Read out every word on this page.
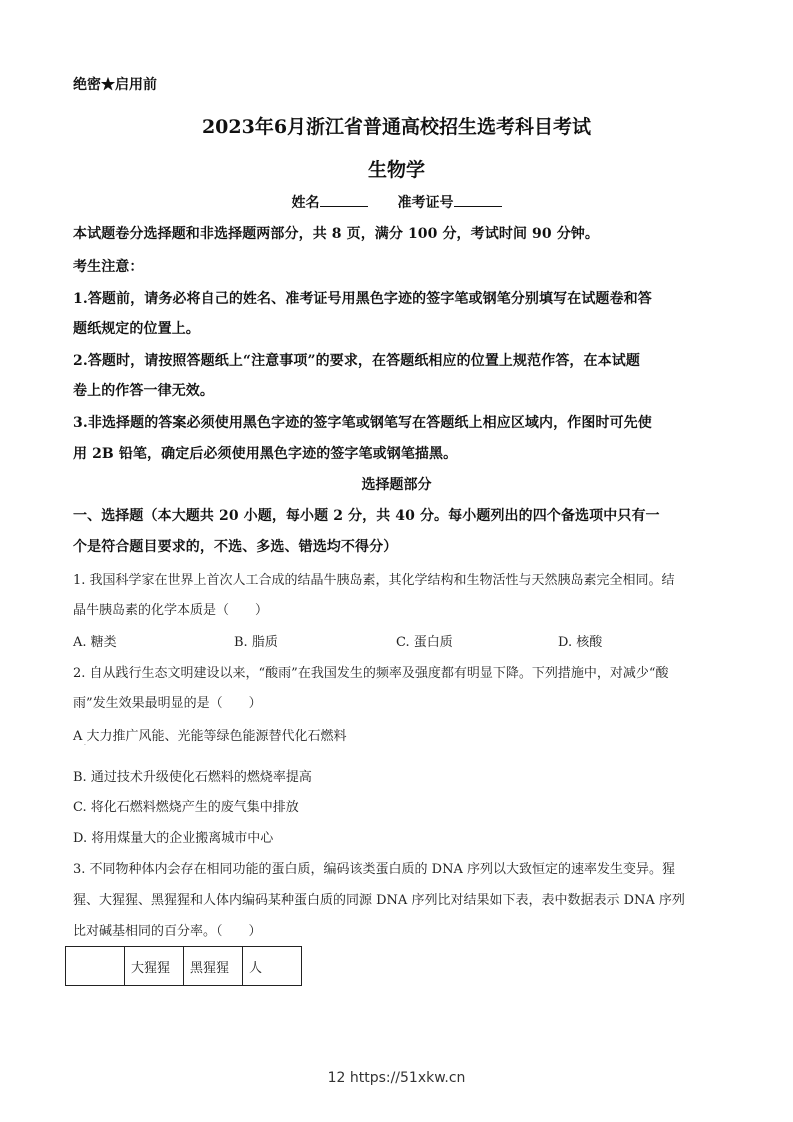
绝密★启用前
2023年6月浙江省普通高校招生选考科目考试
生物学
姓名	准考证号
本试题卷分选择题和非选择题两部分，共 8 页，满分 100 分，考试时间 90 分钟。
考生注意：
1.答题前，请务必将自己的姓名、准考证号用黑色字迹的签字笔或钢笔分别填写在试题卷和答
题纸规定的位置上。
2.答题时，请按照答题纸上“注意事项”的要求，在答题纸相应的位置上规范作答，在本试题
卷上的作答一律无效。
3.非选择题的答案必须使用黑色字迹的签字笔或钢笔写在答题纸上相应区域内，作图时可先使
用 2B 铅笔，确定后必须使用黑色字迹的签字笔或钢笔描黑。
选择题部分
一、选择题（本大题共 20 小题，每小题 2 分，共 40 分。每小题列出的四个备选项中只有一
个是符合题目要求的，不选、多选、错选均不得分）
1. 我国科学家在世界上首次人工合成的结晶牛胰岛素，其化学结构和生物活性与天然胰岛素完全相同。结
晶牛胰岛素的化学本质是（　　）
A. 糖类	B. 脂质	C. 蛋白质	D. 核酸
2. 自从践行生态文明建设以来，“酸雨”在我国发生的频率及强度都有明显下降。下列措施中，对减少“酸
雨”发生效果最明显的是（　　）
A 大力推广风能、光能等绿色能源替代化石燃料
·
B. 通过技术升级使化石燃料的燃烧率提高
C. 将化石燃料燃烧产生的废气集中排放
D. 将用煤量大的企业搬离城市中心
3. 不同物种体内会存在相同功能的蛋白质，编码该类蛋白质的 DNA 序列以大致恒定的速率发生变异。猩
猩、大猩猩、黑猩猩和人体内编码某种蛋白质的同源 DNA 序列比对结果如下表，表中数据表示 DNA 序列
比对碱基相同的百分率。（　　）
	大猩猩	黑猩猩	人
12 https://51xkw.cn
